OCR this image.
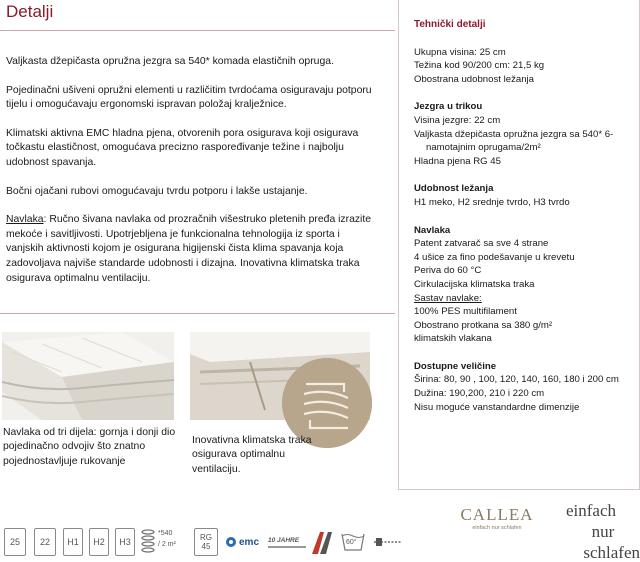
Detalji

Valjkasta džepičasta opružna jezgra sa 540* komada elastičnih opruga.

Pojedinačni ušiveni opružni elementi u različitim tvrdoćama osiguravaju potporu tijelu i omogućavaju ergonomski ispravan položaj kralježnice.

Klimatski aktivna EMC hladna pjena, otvorenih pora osigurava koji osigurava točkastu elastičnost, omogućava precizno raspoređivanje težine i najbolju udobnost spavanja.

Bočni ojačani rubovi omogućavaju tvrdu potporu i lakše ustajanje.

Navlaka: Ručno šivana navlaka od prozračnih višestruko pletenih pređa izrazite mekoće i savitljivosti. Upotrjebljena je funkcionalna tehnologija iz sporta i vanjskih aktivnosti kojom je osigurana higijenski čista klima spavanja koja zadovoljava najviše standarde udobnosti i dizajna. Inovativna klimatska traka osigurava optimalnu ventilaciju.

Navlaka od tri dijela: gornja i donji dio pojedinačno odvojiv što znatno pojednostavljuje rukovanje
Inovativna klimatska traka osigurava optimalnu ventilaciju.
Tehnički detalji
Ukupna visina: 25 cm
Težina kod 90/200 cm: 21,5 kg
Obostrana udobnost ležanja
Jezgra u trikou
Visina jezgre: 22 cm
Valjkasta džepičasta opružna jezgra sa 540* 6-
namotajnim oprugama/2m²
Hladna pjena RG 45
Udobnost ležanja
H1 meko, H2 srednje tvrdo, H3 tvrdo
Navlaka
Patent zatvarač sa sve 4 strane
4 ušice za fino podešavanje u krevetu
Periva do 60 °C
Cirkulacijska klimatska traka
Sastav navlake:
100% PES multifilament
Obostrano protkana sa 380 g/m²
klimatskih vlakana
Dostupne veličine
Širina: 80, 90 , 100, 120, 140, 160, 180 i 200 cm
Dužina: 190,200, 210 i 220 cm
Nisu moguće vanstandardne dimenzije
25	22	H1	H2	H3
*540
/ 2 m²
RG
45	emc 10 JAHRE	60°
CALLEA
einfach nur schlafen
einfach
nur
schlafen
